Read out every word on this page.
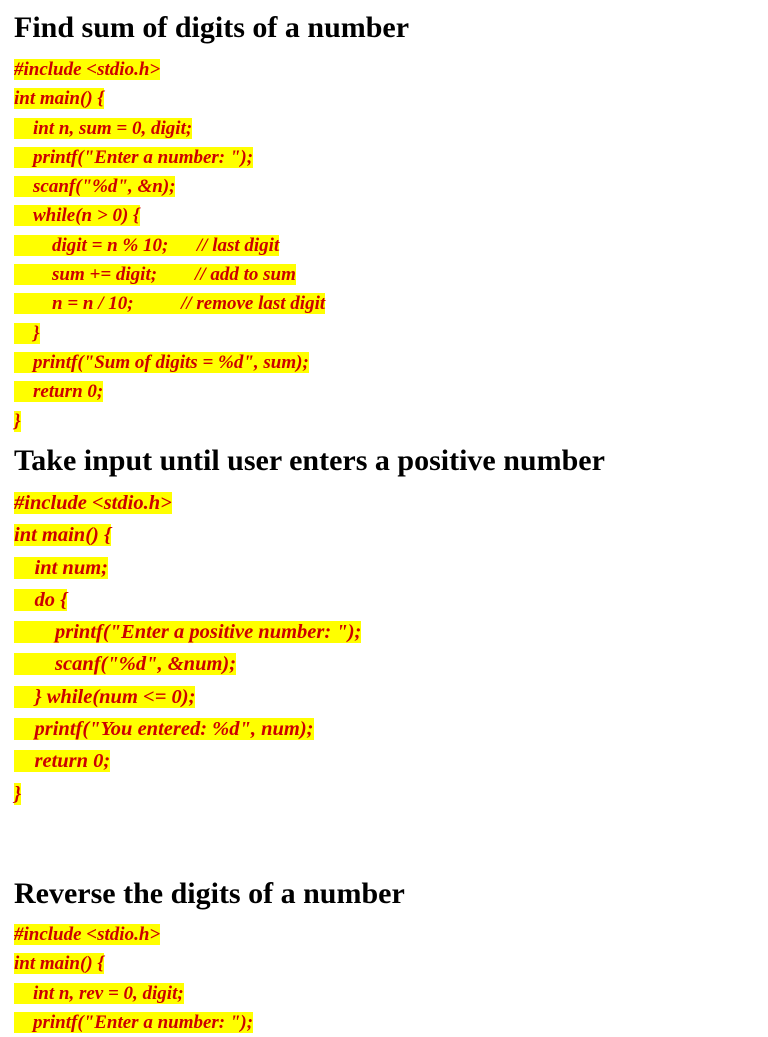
Find sum of digits of a number
#include <stdio.h>
int main() {
int n, sum = 0, digit;
printf("Enter a number: ");
scanf("%d", &n);
while(n > 0) {
digit = n % 10;      // last digit
sum += digit;        // add to sum
n = n / 10;          // remove last digit
}
printf("Sum of digits = %d", sum);
return 0;
}
Take input until user enters a positive number
#include <stdio.h>
int main() {
int num;
do {
printf("Enter a positive number: ");
scanf("%d", &num);
} while(num <= 0);
printf("You entered: %d", num);
return 0;
}
Reverse the digits of a number
#include <stdio.h>
int main() {
int n, rev = 0, digit;
printf("Enter a number: ");
